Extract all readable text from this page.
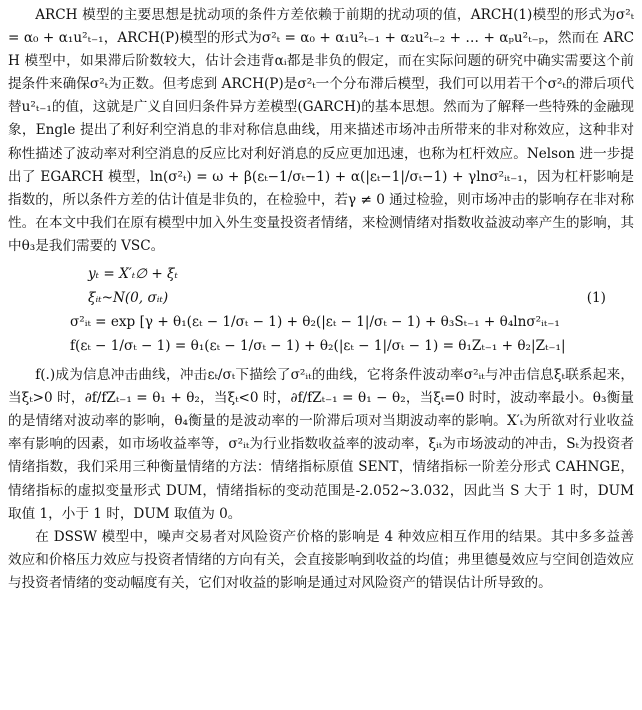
ARCH 模型的主要思想是扰动项的条件方差依赖于前期的扰动项的值，ARCH(1)模型的形式为σ²ₜ = α₀ + α₁u²ₜ₋₁，ARCH(P)模型的形式为σ²ₜ = α₀ + α₁u²ₜ₋₁ + α₂u²ₜ₋₂ + … + αₚu²ₜ₋ₚ，然而在 ARCH 模型中，如果滞后阶数较大，估计会违背αᵢ都是非负的假定，而在实际问题的研究中确实需要这个前提条件来确保σ²ₜ为正数。但考虑到 ARCH(P)是σ²ₜ一个分布滞后模型，我们可以用若干个σ²ₜ的滞后项代替u²ₜ₋₁的值，这就是广义自回归条件异方差模型(GARCH)的基本思想。然而为了解释一些特殊的金融现象，Engle 提出了利好利空消息的非对称信息曲线，用来描述市场冲击所带来的非对称效应，这种非对称性描述了波动率对利空消息的反应比对利好消息的反应更加迅速，也称为杠杆效应。Nelson 进一步提出了 EGARCH 模型，ln(σ²ₜ) = ω + β(εₜ−1/σₜ−1) + α(|εₜ−1|/σₜ−1) + γlnσ²ᵢₜ₋₁，因为杠杆影响是指数的，所以条件方差的估计值是非负的，在检验中，若γ ≠ 0 通过检验，则市场冲击的影响存在非对称性。在本文中我们在原有模型中加入外生变量投资者情绪，来检测情绪对指数收益波动率产生的影响，其中θ₃是我们需要的 VSC。

yₜ = X′ₜ∅ + ξₜ
ξᵢₜ~N(0, σᵢₜ)
σ²ᵢₜ = exp [γ + θ₁(εₜ − 1/σₜ − 1) + θ₂(|εₜ − 1|/σₜ − 1) + θ₃Sₜ₋₁ + θ₄lnσ²ᵢₜ₋₁
f(εₜ − 1/σₜ − 1) = θ₁(εₜ − 1/σₜ − 1) + θ₂(|εₜ − 1|/σₜ − 1) = θ₁Zₜ₋₁ + θ₂|Zₜ₋₁|
(1)

f(.)成为信息冲击曲线，冲击εₜ/σₜ下描绘了σ²ᵢₜ的曲线，它将条件波动率σ²ᵢₜ与冲击信息ξₜ联系起来，当ξₜ>0 时，∂f/fZₜ₋₁ = θ₁ + θ₂，当ξₜ<0 时，∂f/fZₜ₋₁ = θ₁ − θ₂，当ξₜ=0 时时，波动率最小。θ₃衡量的是情绪对波动率的影响，θ₄衡量的是波动率的一阶滞后项对当期波动率的影响。X′ₜ为所欲对行业收益率有影响的因素，如市场收益率等，σ²ᵢₜ为行业指数收益率的波动率，ξᵢₜ为市场波动的冲击，Sₜ为投资者情绪指数，我们采用三种衡量情绪的方法：情绪指标原值 SENT，情绪指标一阶差分形式 CAHNGE，情绪指标的虚拟变量形式 DUM，情绪指标的变动范围是-2.052~3.032，因此当 S 大于 1 时，DUM 取值 1，小于 1 时，DUM 取值为 0。

在 DSSW 模型中，噪声交易者对风险资产价格的影响是 4 种效应相互作用的结果。其中多多益善效应和价格压力效应与投资者情绪的方向有关，会直接影响到收益的均值；弗里德曼效应与空间创造效应与投资者情绪的变动幅度有关，它们对收益的影响是通过对风险资产的错误估计所导致的。
